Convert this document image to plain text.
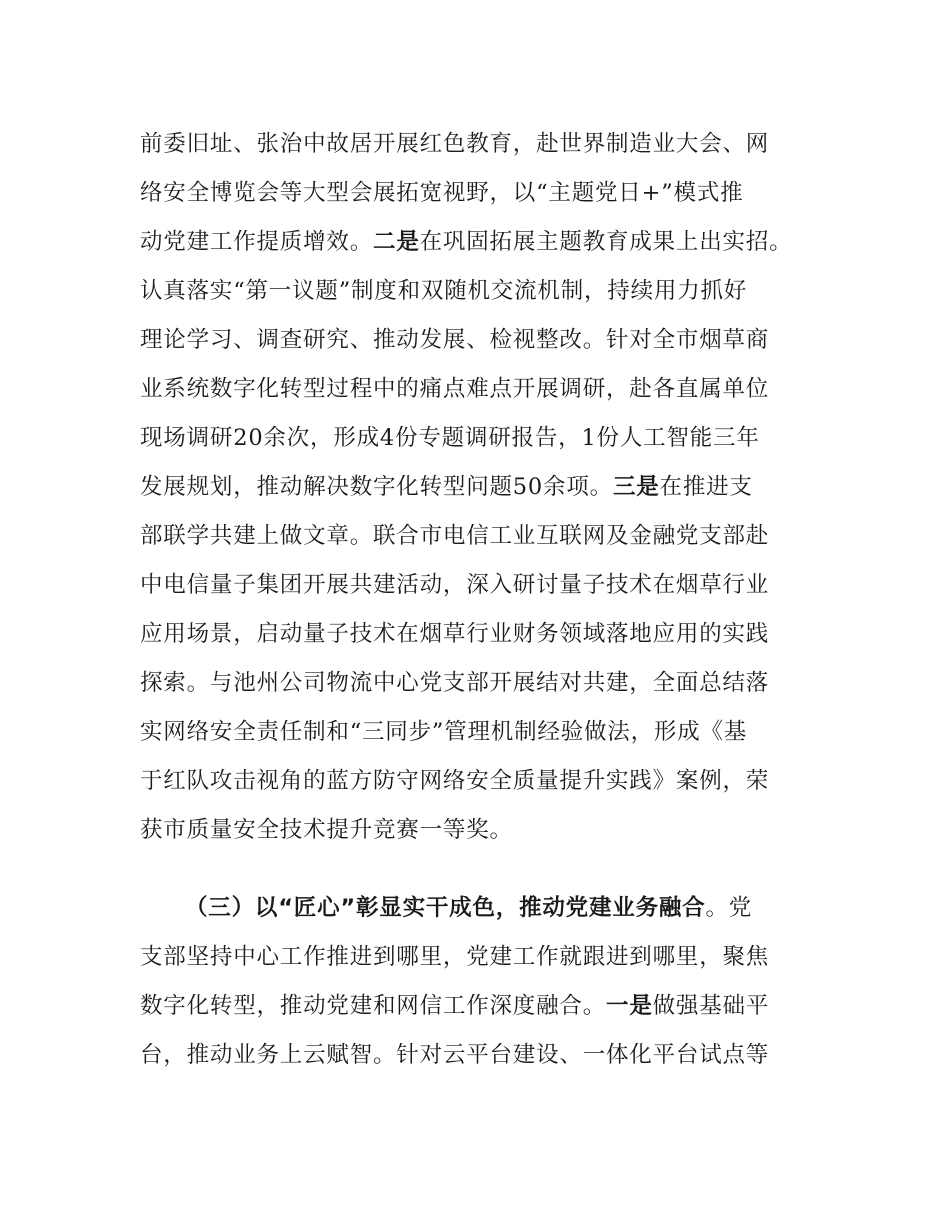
前委旧址、张治中故居开展红色教育，赴世界制造业大会、网
络安全博览会等大型会展拓宽视野，以“主题党日+”模式推
动党建工作提质增效。二是在巩固拓展主题教育成果上出实招。
认真落实“第一议题”制度和双随机交流机制，持续用力抓好
理论学习、调查研究、推动发展、检视整改。针对全市烟草商
业系统数字化转型过程中的痛点难点开展调研，赴各直属单位
现场调研20余次，形成4份专题调研报告，1份人工智能三年
发展规划，推动解决数字化转型问题50余项。三是在推进支
部联学共建上做文章。联合市电信工业互联网及金融党支部赴
中电信量子集团开展共建活动，深入研讨量子技术在烟草行业
应用场景，启动量子技术在烟草行业财务领域落地应用的实践
探索。与池州公司物流中心党支部开展结对共建，全面总结落
实网络安全责任制和“三同步”管理机制经验做法，形成《基
于红队攻击视角的蓝方防守网络安全质量提升实践》案例，荣
获市质量安全技术提升竞赛一等奖。
（三）以“匠心”彰显实干成色，推动党建业务融合。党
支部坚持中心工作推进到哪里，党建工作就跟进到哪里，聚焦
数字化转型，推动党建和网信工作深度融合。一是做强基础平
台，推动业务上云赋智。针对云平台建设、一体化平台试点等
